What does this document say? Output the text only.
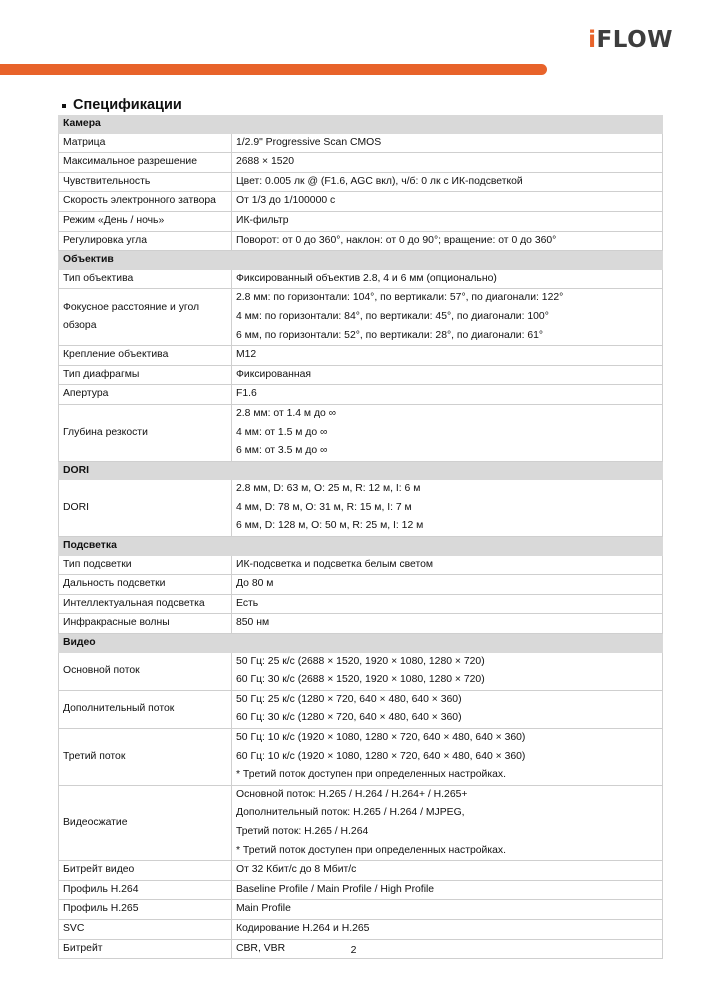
iFLOW
Спецификации
Камера	
Матрица	1/2.9" Progressive Scan CMOS

Максимальное разрешение	2688 × 1520

Чувствительность	Цвет: 0.005 лк @ (F1.6, AGC вкл), ч/б: 0 лк с ИК-подсветкой

Скорость электронного затвора	От 1/3 до 1/100000 с

Режим «День / ночь»	ИК-фильтр

Регулировка угла	Поворот: от 0 до 360°, наклон: от 0 до 90°; вращение: от 0 до 360°

Объектив	
Тип объектива	Фиксированный объектив 2.8, 4 и 6 мм (опционально)

Фокусное расстояние и угол
обзора	2.8 мм: по горизонтали: 104°, по вертикали: 57°, по диагонали: 122°
4 мм: по горизонтали: 84°, по вертикали: 45°, по диагонали: 100°
6 мм, по горизонтали: 52°, по вертикали: 28°, по диагонали: 61°

Крепление объектива	M12

Тип диафрагмы	Фиксированная

Апертура	F1.6

Глубина резкости	2.8 мм: от 1.4 м до ∞
4 мм: от 1.5 м до ∞
6 мм: от 3.5 м до ∞

DORI	
DORI	2.8 мм, D: 63 м, O: 25 м, R: 12 м, I: 6 м
4 мм, D: 78 м, O: 31 м, R: 15 м, I: 7 м
6 мм, D: 128 м, O: 50 м, R: 25 м, I: 12 м

Подсветка	
Тип подсветки	ИК-подсветка и подсветка белым светом

Дальность подсветки	До 80 м

Интеллектуальная подсветка	Есть

Инфракрасные волны	850 нм

Видео	
Основной поток	50 Гц: 25 к/с (2688 × 1520, 1920 × 1080, 1280 × 720)
60 Гц: 30 к/с (2688 × 1520, 1920 × 1080, 1280 × 720)

Дополнительный поток	50 Гц: 25 к/с (1280 × 720, 640 × 480, 640 × 360)
60 Гц: 30 к/с (1280 × 720, 640 × 480, 640 × 360)

Третий поток	50 Гц: 10 к/с (1920 × 1080, 1280 × 720, 640 × 480, 640 × 360)
60 Гц: 10 к/с (1920 × 1080, 1280 × 720, 640 × 480, 640 × 360)
* Третий поток доступен при определенных настройках.

Видеосжатие	Основной поток: H.265 / H.264 / H.264+ / H.265+
Дополнительный поток: H.265 / H.264 / MJPEG,
Третий поток: H.265 / H.264
* Третий поток доступен при определенных настройках.

Битрейт видео	От 32 Кбит/с до 8 Мбит/с

Профиль H.264	Baseline Profile / Main Profile / High Profile

Профиль H.265	Main Profile

SVC	Кодирование H.264 и H.265

Битрейт	CBR, VBR	2
